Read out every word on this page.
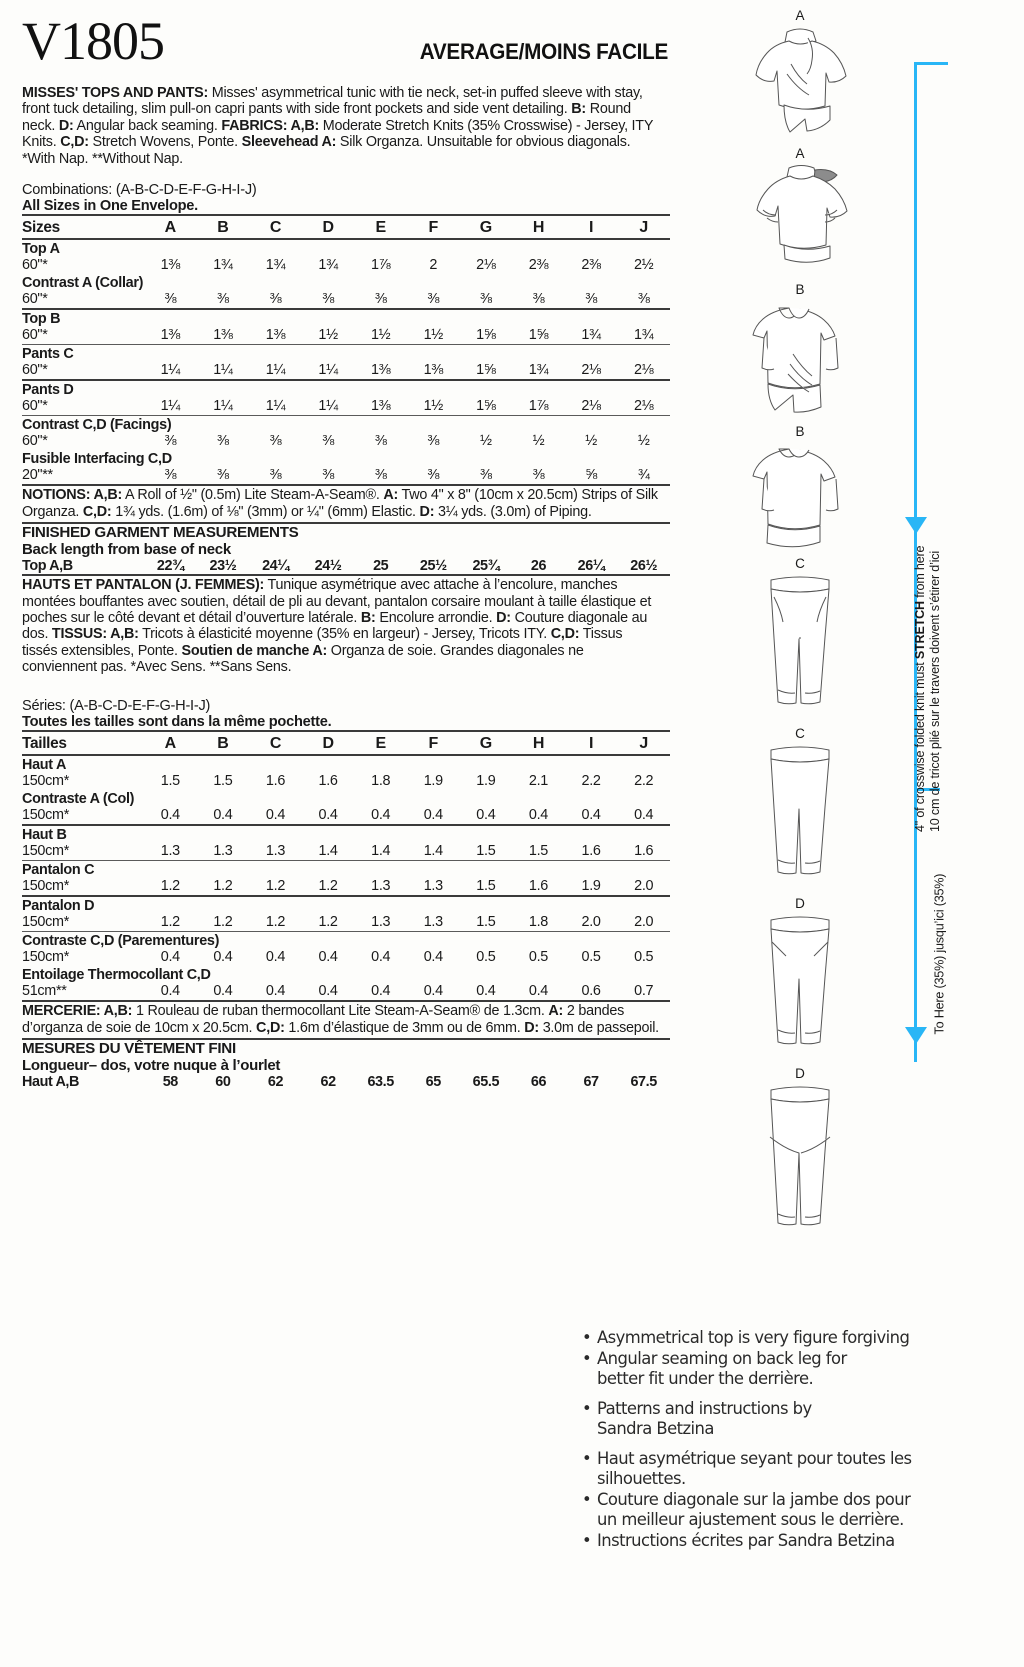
V1805	AVERAGE/MOINS FACILE
MISSES' TOPS AND PANTS: Misses' asymmetrical tunic with tie neck, set-in puffed sleeve with stay, front tuck detailing, slim pull-on capri pants with side front pockets and side vent detailing. B: Round neck. D: Angular back seaming. FABRICS: A,B: Moderate Stretch Knits (35% Crosswise) - Jersey, ITY Knits. C,D: Stretch Wovens, Ponte. Sleevehead A: Silk Organza. Unsuitable for obvious diagonals.
*With Nap. **Without Nap.
Combinations: (A-B-C-D-E-F-G-H-I-J)
All Sizes in One Envelope.
Sizes	A	B	C	D	E	F	G	H	I	J
Top A										
60"*	1⅜	1¾	1¾	1¾	1⅞	2	2⅛	2⅜	2⅜	2½
Contrast A (Collar)										
60"*	⅜	⅜	⅜	⅜	⅜	⅜	⅜	⅜	⅜	⅜
Top B										
60"*	1⅜	1⅜	1⅜	1½	1½	1½	1⅝	1⅝	1¾	1¾
Pants C										
60"*	1¼	1¼	1¼	1¼	1⅜	1⅜	1⅝	1¾	2⅛	2⅛
Pants D										
60"*	1¼	1¼	1¼	1¼	1⅜	1½	1⅝	1⅞	2⅛	2⅛
Contrast C,D (Facings)										
60"*	⅜	⅜	⅜	⅜	⅜	⅜	½	½	½	½
Fusible Interfacing C,D										
20"**	⅜	⅜	⅜	⅜	⅜	⅜	⅜	⅜	⅝	¾
NOTIONS: A,B: A Roll of ½" (0.5m) Lite Steam-A-Seam®. A: Two 4" x 8" (10cm x 20.5cm) Strips of Silk Organza. C,D: 1¾ yds. (1.6m) of ⅛" (3mm) or ¼" (6mm) Elastic. D: 3¼ yds. (3.0m) of Piping.
FINISHED GARMENT MEASUREMENTS
Back length from base of neck
Top A,B	22¾	23½	24¼	24½	25	25½	25¾	26	26¼	26½
HAUTS ET PANTALON (J. FEMMES): Tunique asymétrique avec attache à l’encolure, manches montées bouffantes avec soutien, détail de pli au devant, pantalon corsaire moulant à taille élastique et poches sur le côté devant et détail d’ouverture latérale. B: Encolure arrondie. D: Couture diagonale au dos. TISSUS: A,B: Tricots à élasticité moyenne (35% en largeur) - Jersey, Tricots ITY. C,D: Tissus tissés extensibles, Ponte. Soutien de manche A: Organza de soie. Grandes diagonales ne conviennent pas. *Avec Sens. **Sans Sens.
Séries: (A-B-C-D-E-F-G-H-I-J)
Toutes les tailles sont dans la même pochette.
Tailles	A	B	C	D	E	F	G	H	I	J
Haut A										
150cm*	1.5	1.5	1.6	1.6	1.8	1.9	1.9	2.1	2.2	2.2
Contraste A (Col)										
150cm*	0.4	0.4	0.4	0.4	0.4	0.4	0.4	0.4	0.4	0.4
Haut B										
150cm*	1.3	1.3	1.3	1.4	1.4	1.4	1.5	1.5	1.6	1.6
Pantalon C										
150cm*	1.2	1.2	1.2	1.2	1.3	1.3	1.5	1.6	1.9	2.0
Pantalon D										
150cm*	1.2	1.2	1.2	1.2	1.3	1.3	1.5	1.8	2.0	2.0
Contraste C,D (Parementures)										
150cm*	0.4	0.4	0.4	0.4	0.4	0.4	0.5	0.5	0.5	0.5
Entoilage Thermocollant C,D										
51cm**	0.4	0.4	0.4	0.4	0.4	0.4	0.4	0.4	0.6	0.7
MERCERIE: A,B: 1 Rouleau de ruban thermocollant Lite Steam-A-Seam® de 1.3cm. A: 2 bandes d’organza de soie de 10cm x 20.5cm. C,D: 1.6m d’élastique de 3mm ou de 6mm. D: 3.0m de passepoil.
MESURES DU VÊTEMENT FINI
Longueur– dos, votre nuque à l’ourlet
Haut A,B	58	60	62	62	63.5	65	65.5	66	67	67.5
A
A
B
B
C
C
D
D
4" of crosswise folded knit must STRETCH from here 10 cm de tricot plié sur le travers doivent s’étirer d’ici
To Here (35%) jusqu’ici (35%)
• Asymmetrical top is very figure forgiving
• Angular seaming on back leg for
better fit under the derrière.
• Patterns and instructions by
Sandra Betzina
• Haut asymétrique seyant pour toutes les
silhouettes.
• Couture diagonale sur la jambe dos pour
un meilleur ajustement sous le derrière.
• Instructions écrites par Sandra Betzina
